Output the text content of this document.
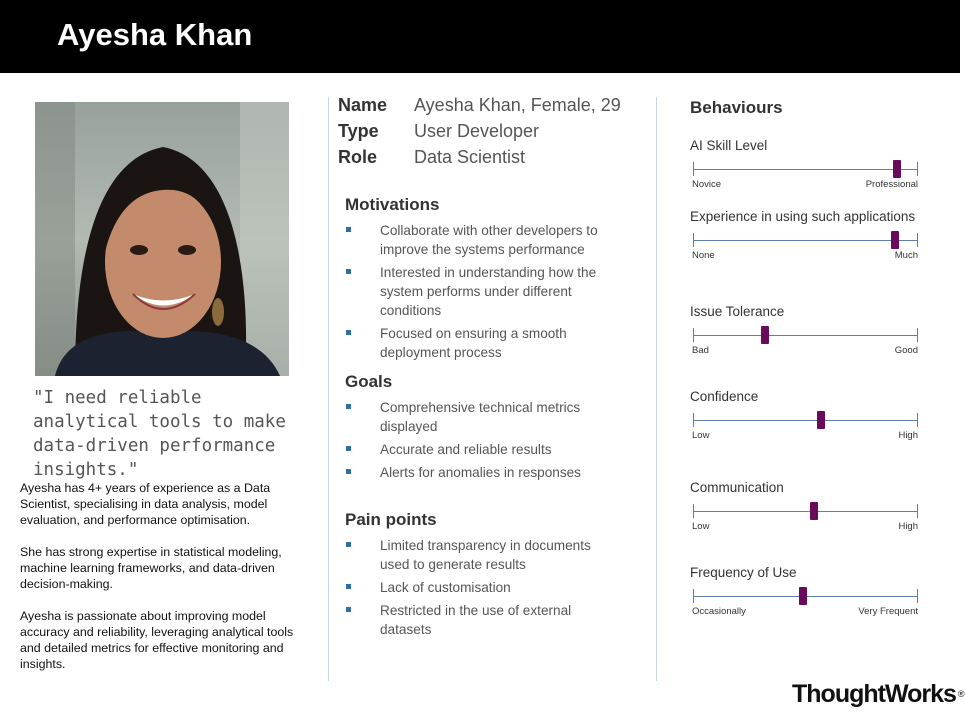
Ayesha Khan
"I need reliable analytical tools to make data-driven performance insights."

Ayesha has 4+ years of experience as a Data Scientist, specialising in data analysis, model evaluation, and performance optimisation.

She has strong expertise in statistical modeling, machine learning frameworks, and data-driven decision-making.

Ayesha is passionate about improving model accuracy and reliability, leveraging analytical tools and detailed metrics for effective monitoring and insights.

Name	Ayesha Khan, Female, 29
Type	User Developer
Role	Data Scientist
Motivations
Collaborate with other developers to improve the systems performance
Interested in understanding how the system performs under different conditions
Focused on ensuring a smooth deployment process
Goals
Comprehensive technical metrics displayed
Accurate and reliable results
Alerts for anomalies in responses
Pain points
Limited transparency in documents used to generate results
Lack of customisation
Restricted in the use of external datasets
Behaviours
AI Skill Level
Novice	Professional
Experience in using such applications
None	Much
Issue Tolerance
Bad	Good
Confidence
Low	High
Communication
Low	High
Frequency of Use
Occasionally	Very Frequent
ThoughtWorks ®
